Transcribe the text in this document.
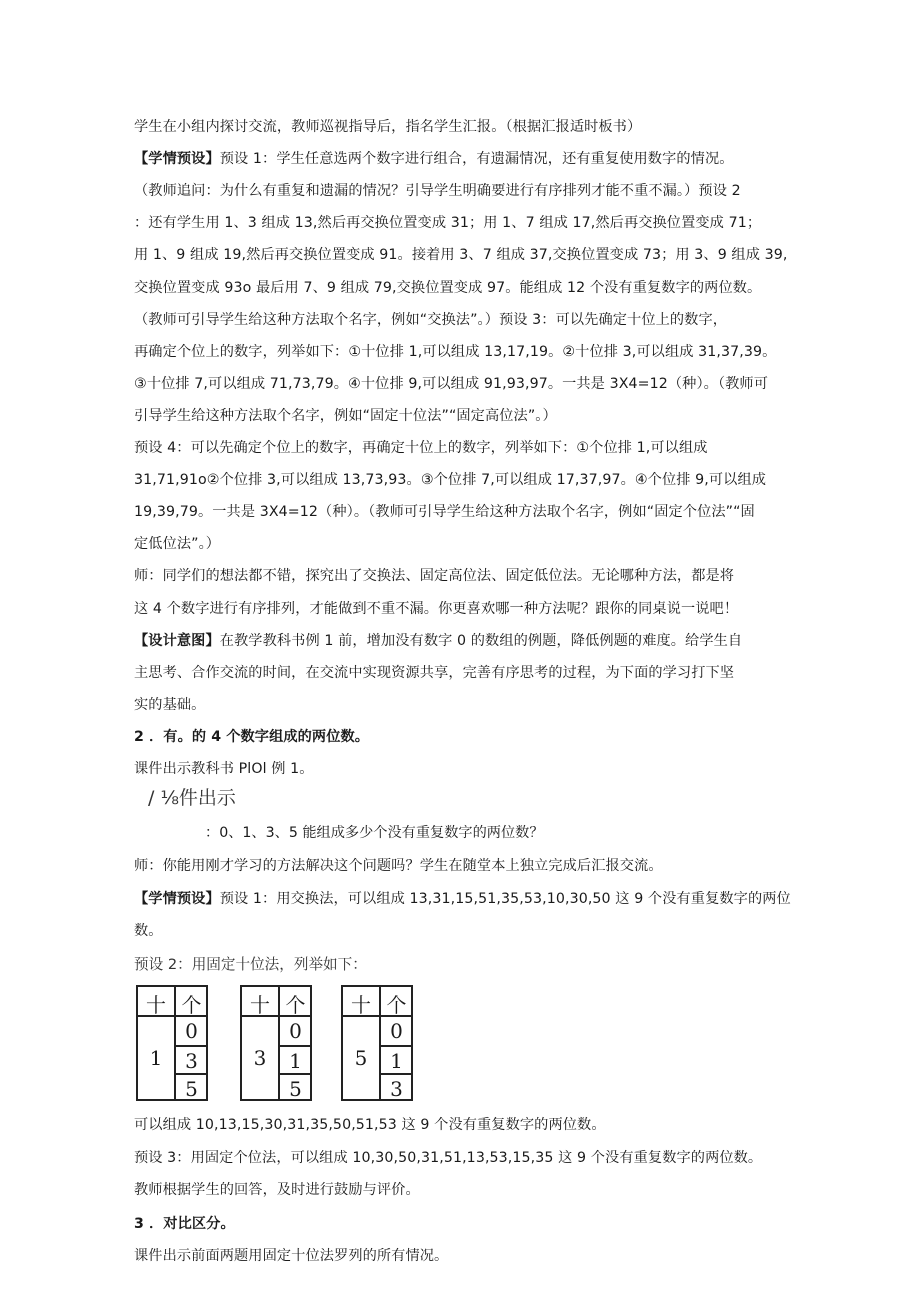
学生在小组内探讨交流，教师巡视指导后，指名学生汇报。（根据汇报适时板书）
【学情预设】预设 1：学生任意选两个数字进行组合，有遗漏情况，还有重复使用数字的情况。
（教师追问：为什么有重复和遗漏的情况？引导学生明确要进行有序排列才能不重不漏。）预设 2
：还有学生用 1、3 组成 13,然后再交换位置变成 31；用 1、7 组成 17,然后再交换位置变成 71；
用 1、9 组成 19,然后再交换位置变成 91。接着用 3、7 组成 37,交换位置变成 73；用 3、9 组成 39,
交换位置变成 93o 最后用 7、9 组成 79,交换位置变成 97。能组成 12 个没有重复数字的两位数。
（教师可引导学生给这种方法取个名字，例如“交换法”。）预设 3：可以先确定十位上的数字，
再确定个位上的数字，列举如下：①十位排 1,可以组成 13,17,19。②十位排 3,可以组成 31,37,39。
③十位排 7,可以组成 71,73,79。④十位排 9,可以组成 91,93,97。一共是 3X4=12（种）。（教师可
引导学生给这种方法取个名字，例如“固定十位法”“固定高位法”。）
预设 4：可以先确定个位上的数字，再确定十位上的数字，列举如下：①个位排 1,可以组成
31,71,91o②个位排 3,可以组成 13,73,93。③个位排 7,可以组成 17,37,97。④个位排 9,可以组成
19,39,79。一共是 3X4=12（种）。（教师可引导学生给这种方法取个名字，例如“固定个位法”“固
定低位法”。）
师：同学们的想法都不错，探究出了交换法、固定高位法、固定低位法。无论哪种方法，都是将
这 4 个数字进行有序排列，才能做到不重不漏。你更喜欢哪一种方法呢？跟你的同桌说一说吧！
【设计意图】在教学教科书例 1 前，增加没有数字 0 的数组的例题，降低例题的难度。给学生自
主思考、合作交流的时间，在交流中实现资源共享，完善有序思考的过程，为下面的学习打下坚
实的基础。
2 ．有。的 4 个数字组成的两位数。
课件出示教科书 PlOl 例 1。
/ ⅛件出示
：0、1、3、5 能组成多少个没有重复数字的两位数？
师：你能用刚才学习的方法解决这个问题吗？学生在随堂本上独立完成后汇报交流。
【学情预设】预设 1：用交换法，可以组成 13,31,15,51,35,53,10,30,50 这 9 个没有重复数字的两位
数。
预设 2：用固定十位法，列举如下：
十 个
1
0
3
5
十 个
3
0
1
5
十 个
5
0
1
3
可以组成 10,13,15,30,31,35,50,51,53 这 9 个没有重复数字的两位数。
预设 3：用固定个位法，可以组成 10,30,50,31,51,13,53,15,35 这 9 个没有重复数字的两位数。
教师根据学生的回答，及时进行鼓励与评价。
3 ．对比区分。
课件出示前面两题用固定十位法罗列的所有情况。
